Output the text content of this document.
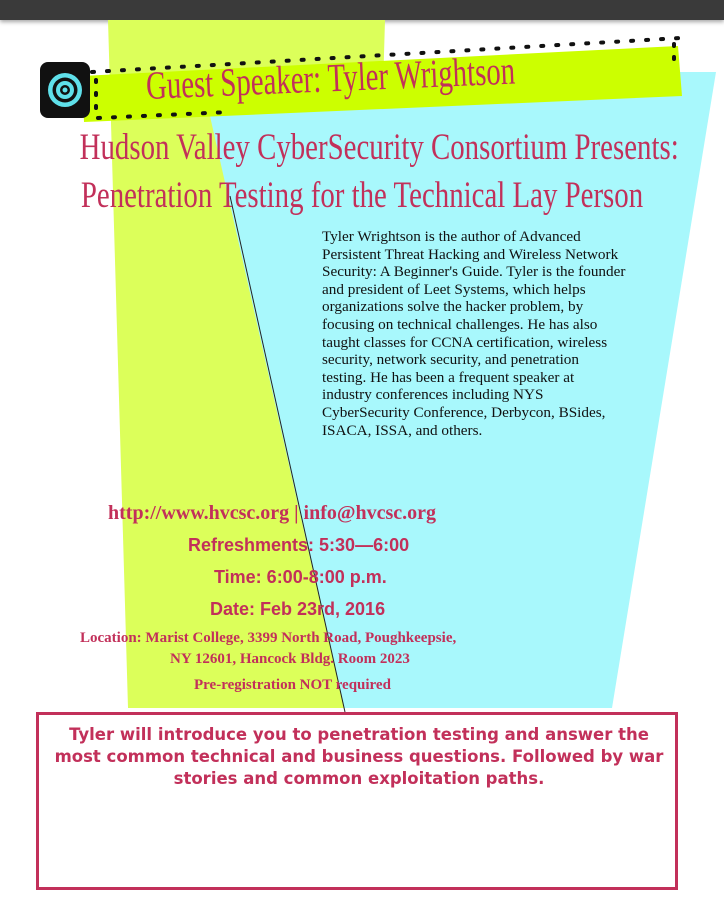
Guest Speaker: Tyler Wrightson
Hudson Valley CyberSecurity Consortium Presents:
Penetration Testing for the Technical Lay Person

Tyler Wrightson is the author of Advanced Persistent Threat Hacking and Wireless Network Security: A Beginner's Guide. Tyler is the founder and president of Leet Systems, which helps organizations solve the hacker problem, by focusing on technical challenges. He has also taught classes for CCNA certification, wireless security, network security, and penetration testing. He has been a frequent speaker at industry conferences including NYS CyberSecurity Conference, Derbycon, BSides, ISACA, ISSA, and others.

http://www.hvcsc.org | info@hvcsc.org
Refreshments: 5:30—6:00
Time: 6:00-8:00 p.m.
Date: Feb 23rd, 2016
Location: Marist College, 3399 North Road, Poughkeepsie,
NY 12601, Hancock Bldg. Room 2023
Pre-registration NOT required

Tyler will introduce you to penetration testing and answer the most common technical and business questions. Followed by war stories and common exploitation paths.
